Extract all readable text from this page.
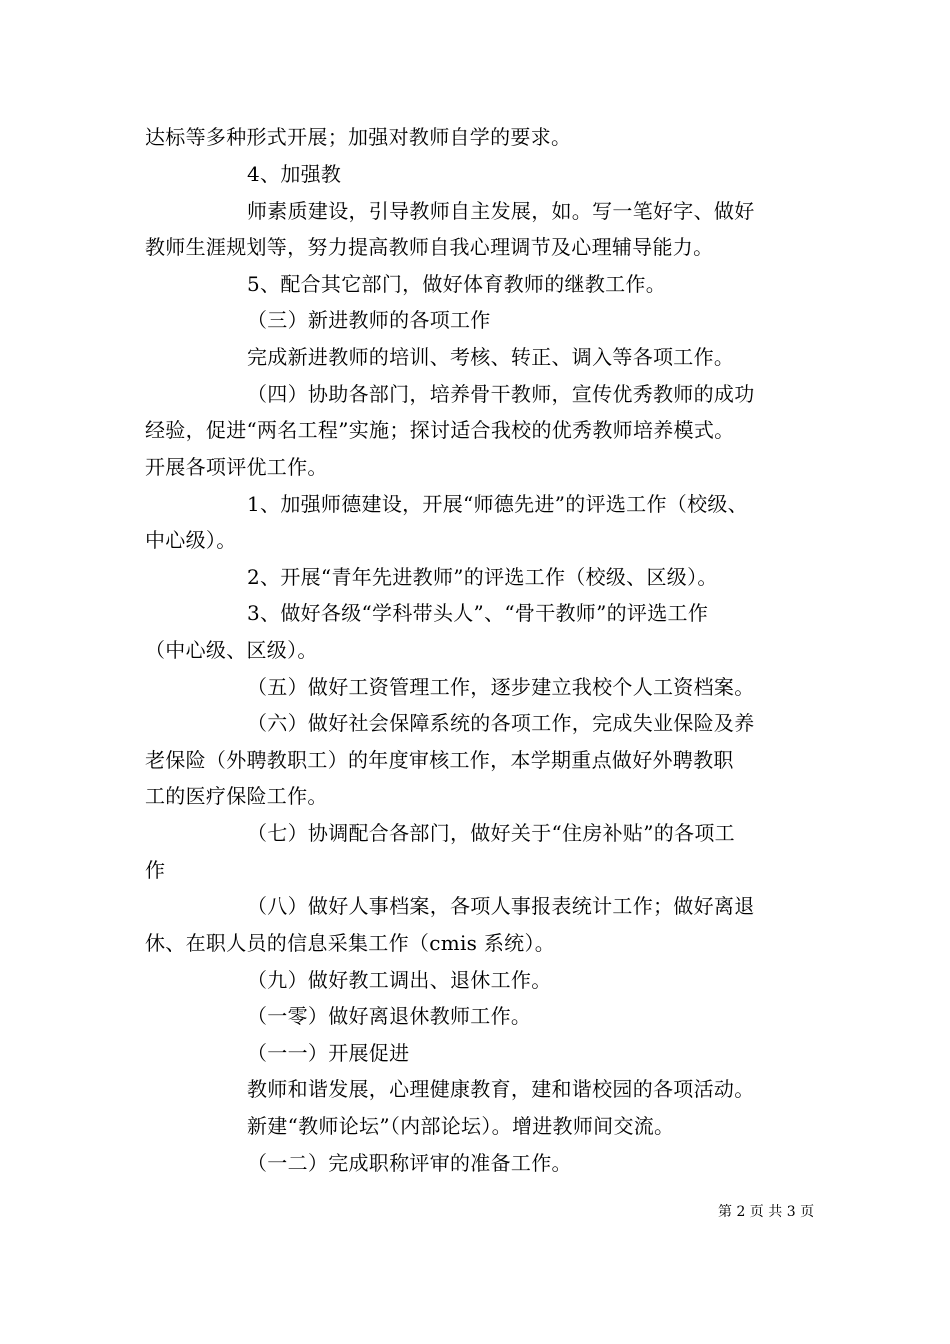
达标等多种形式开展；加强对教师自学的要求。
4、加强教
师素质建设，引导教师自主发展，如。写一笔好字、做好
教师生涯规划等，努力提高教师自我心理调节及心理辅导能力。
5、配合其它部门，做好体育教师的继教工作。
（三）新进教师的各项工作
完成新进教师的培训、考核、转正、调入等各项工作。
（四）协助各部门，培养骨干教师，宣传优秀教师的成功
经验，促进“两名工程”实施；探讨适合我校的优秀教师培养模式。
开展各项评优工作。
1、加强师德建设，开展“师德先进”的评选工作（校级、
中心级）。
2、开展“青年先进教师”的评选工作（校级、区级）。
3、做好各级“学科带头人”、“骨干教师”的评选工作
（中心级、区级）。
（五）做好工资管理工作，逐步建立我校个人工资档案。
（六）做好社会保障系统的各项工作，完成失业保险及养
老保险（外聘教职工）的年度审核工作，本学期重点做好外聘教职
工的医疗保险工作。
（七）协调配合各部门，做好关于“住房补贴”的各项工
作
（八）做好人事档案，各项人事报表统计工作；做好离退
休、在职人员的信息采集工作（cmis 系统）。
（九）做好教工调出、退休工作。
（一零）做好离退休教师工作。
（一一）开展促进
教师和谐发展，心理健康教育，建和谐校园的各项活动。
新建“教师论坛”（内部论坛）。增进教师间交流。
（一二）完成职称评审的准备工作。
第 2 页 共 3 页
